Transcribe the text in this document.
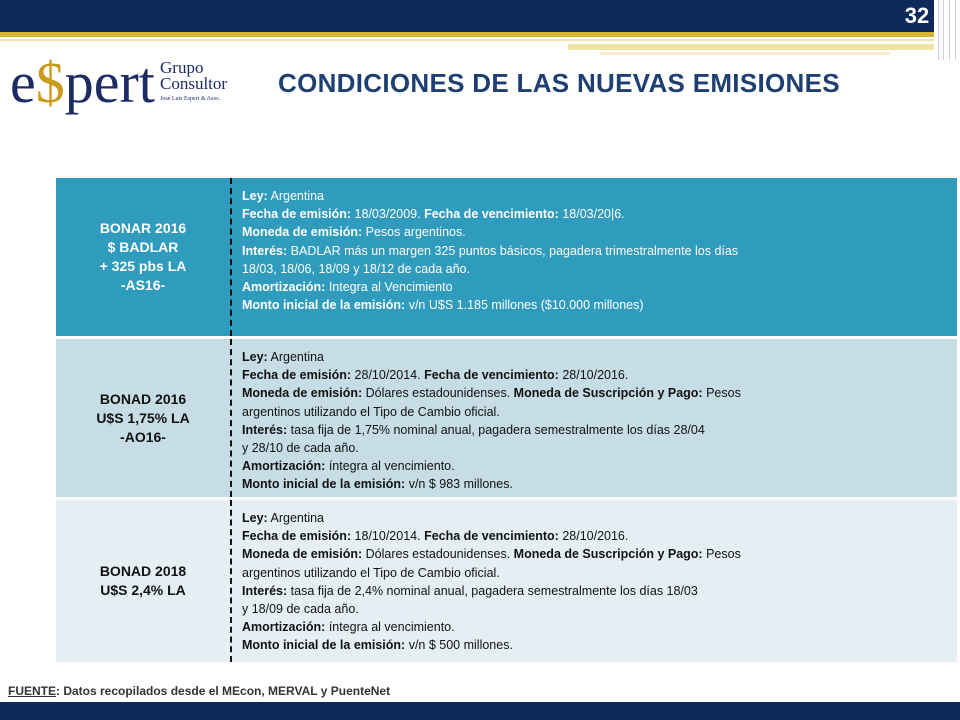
32
e$pert Grupo
Consultor
José Luis Espert & Asoc.
CONDICIONES DE LAS NUEVAS EMISIONES
BONAR 2016
$ BADLAR
+ 325 pbs LA
-AS16-
Ley: Argentina
Fecha de emisión: 18/03/2009. Fecha de vencimiento: 18/03/20|6.
Moneda de emisión: Pesos argentinos.
Interés: BADLAR más un margen 325 puntos básicos, pagadera trimestralmente los días
18/03, 18/06, 18/09 y 18/12 de cada año.
Amortización: Integra al Vencimiento
Monto inicial de la emisión: v/n U$S 1.185 millones ($10.000 millones)
BONAD 2016
U$S 1,75% LA
-AO16-
Ley: Argentina
Fecha de emisión: 28/10/2014. Fecha de vencimiento: 28/10/2016.
Moneda de emisión: Dólares estadounidenses. Moneda de Suscripción y Pago: Pesos
argentinos utilizando el Tipo de Cambio oficial.
Interés: tasa fija de 1,75% nominal anual, pagadera semestralmente los días 28/04
y 28/10 de cada año.
Amortización: íntegra al vencimiento.
Monto inicial de la emisión: v/n $ 983 millones.
BONAD 2018
U$S 2,4% LA
Ley: Argentina
Fecha de emisión: 18/10/2014. Fecha de vencimiento: 28/10/2016.
Moneda de emisión: Dólares estadounidenses. Moneda de Suscripción y Pago: Pesos
argentinos utilizando el Tipo de Cambio oficial.
Interés: tasa fija de 2,4% nominal anual, pagadera semestralmente los días 18/03
y 18/09 de cada año.
Amortización: íntegra al vencimiento.
Monto inicial de la emisión: v/n $ 500 millones.
FUENTE: Datos recopilados desde el MEcon, MERVAL y PuenteNet
